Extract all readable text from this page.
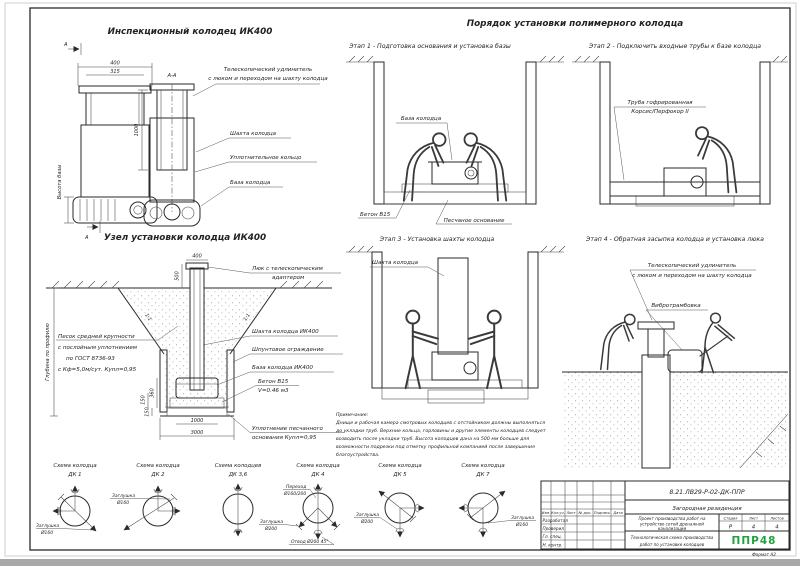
Инспекционный колодец ИК400
А
400
315
Высота базы
А
А-А
1000
Телескопический удлинитель
с люком и переходом на шахту колодца
Шахта колодца
Уплотнительное кольцо
База колодца
Порядок установки полимерного колодца
Этап 1 - Подготовка основания и установка базы
База колодца
Бетон В15
Песчаное основание
Этап 2 - Подключить входные трубы к базе колодца
Труба гофрированная
Корсис/Перфокор II
Этап 3 - Установка шахты колодца
Шахта колодца
Этап 4 - Обратная засыпка колодца и установка люка
Телескопический удлинитель
с люком и переходом на шахту колодца
Вибротрамбовка
Узел установки колодца ИК400
400
500
360
150
150
1000
3000
Глубина по профилю
1:1	1:1
Песок средней крупности
с послойным уплотнением
по ГОСТ 8736-93
с Кф=5,0м/сут. Купл=0,95
Люк с телескопическим
адаптером
Шахта колодца ИК400
Шпунтовое ограждение
База колодца ИК400
Бетон В15
V=0.46 м3
Уплотнение песчанного
основания Купл=0,95
Примечание:
Днище и рабочая камера смотровых колодцев с отстойником должны выполняться
до укладки труб. Верхние кольца, горловины и другие элементы колодцев следует
возводить после укладки труб. Высота колодцев дана на 500 мм больше для
возможности подрезки под отметку профильной компанией после завершения
благоустройства.
Схема колодца
ДК 1
Заглушка
Ø160
Схема колодца
ДК 2
Заглушка
Ø160
Схема колодцев
ДК 3,6
Схема колодца
ДК 4
Переход
Ø160/200
Заглушка
Ø200
Отвод Ø200 45°
Схема колодца
ДК 5
Заглушка
Ø200
Схема колодца
ДК 7
Заглушка
Ø160
Изм. Кол.уч. Лист № док. Подпись Дата
Разработал
Проверил
Гл. спец.
Н. контр.
8.21.ЛВ29-Р-02-ДК-ППР
Загородная резиденция
Проект производства работ на
устройство сетей дренажной
канализации
Технологическая схема производства
работ по установке колодцев
Стадия	Лист	Листов
Р	4	4
ППР48
Формат А2
